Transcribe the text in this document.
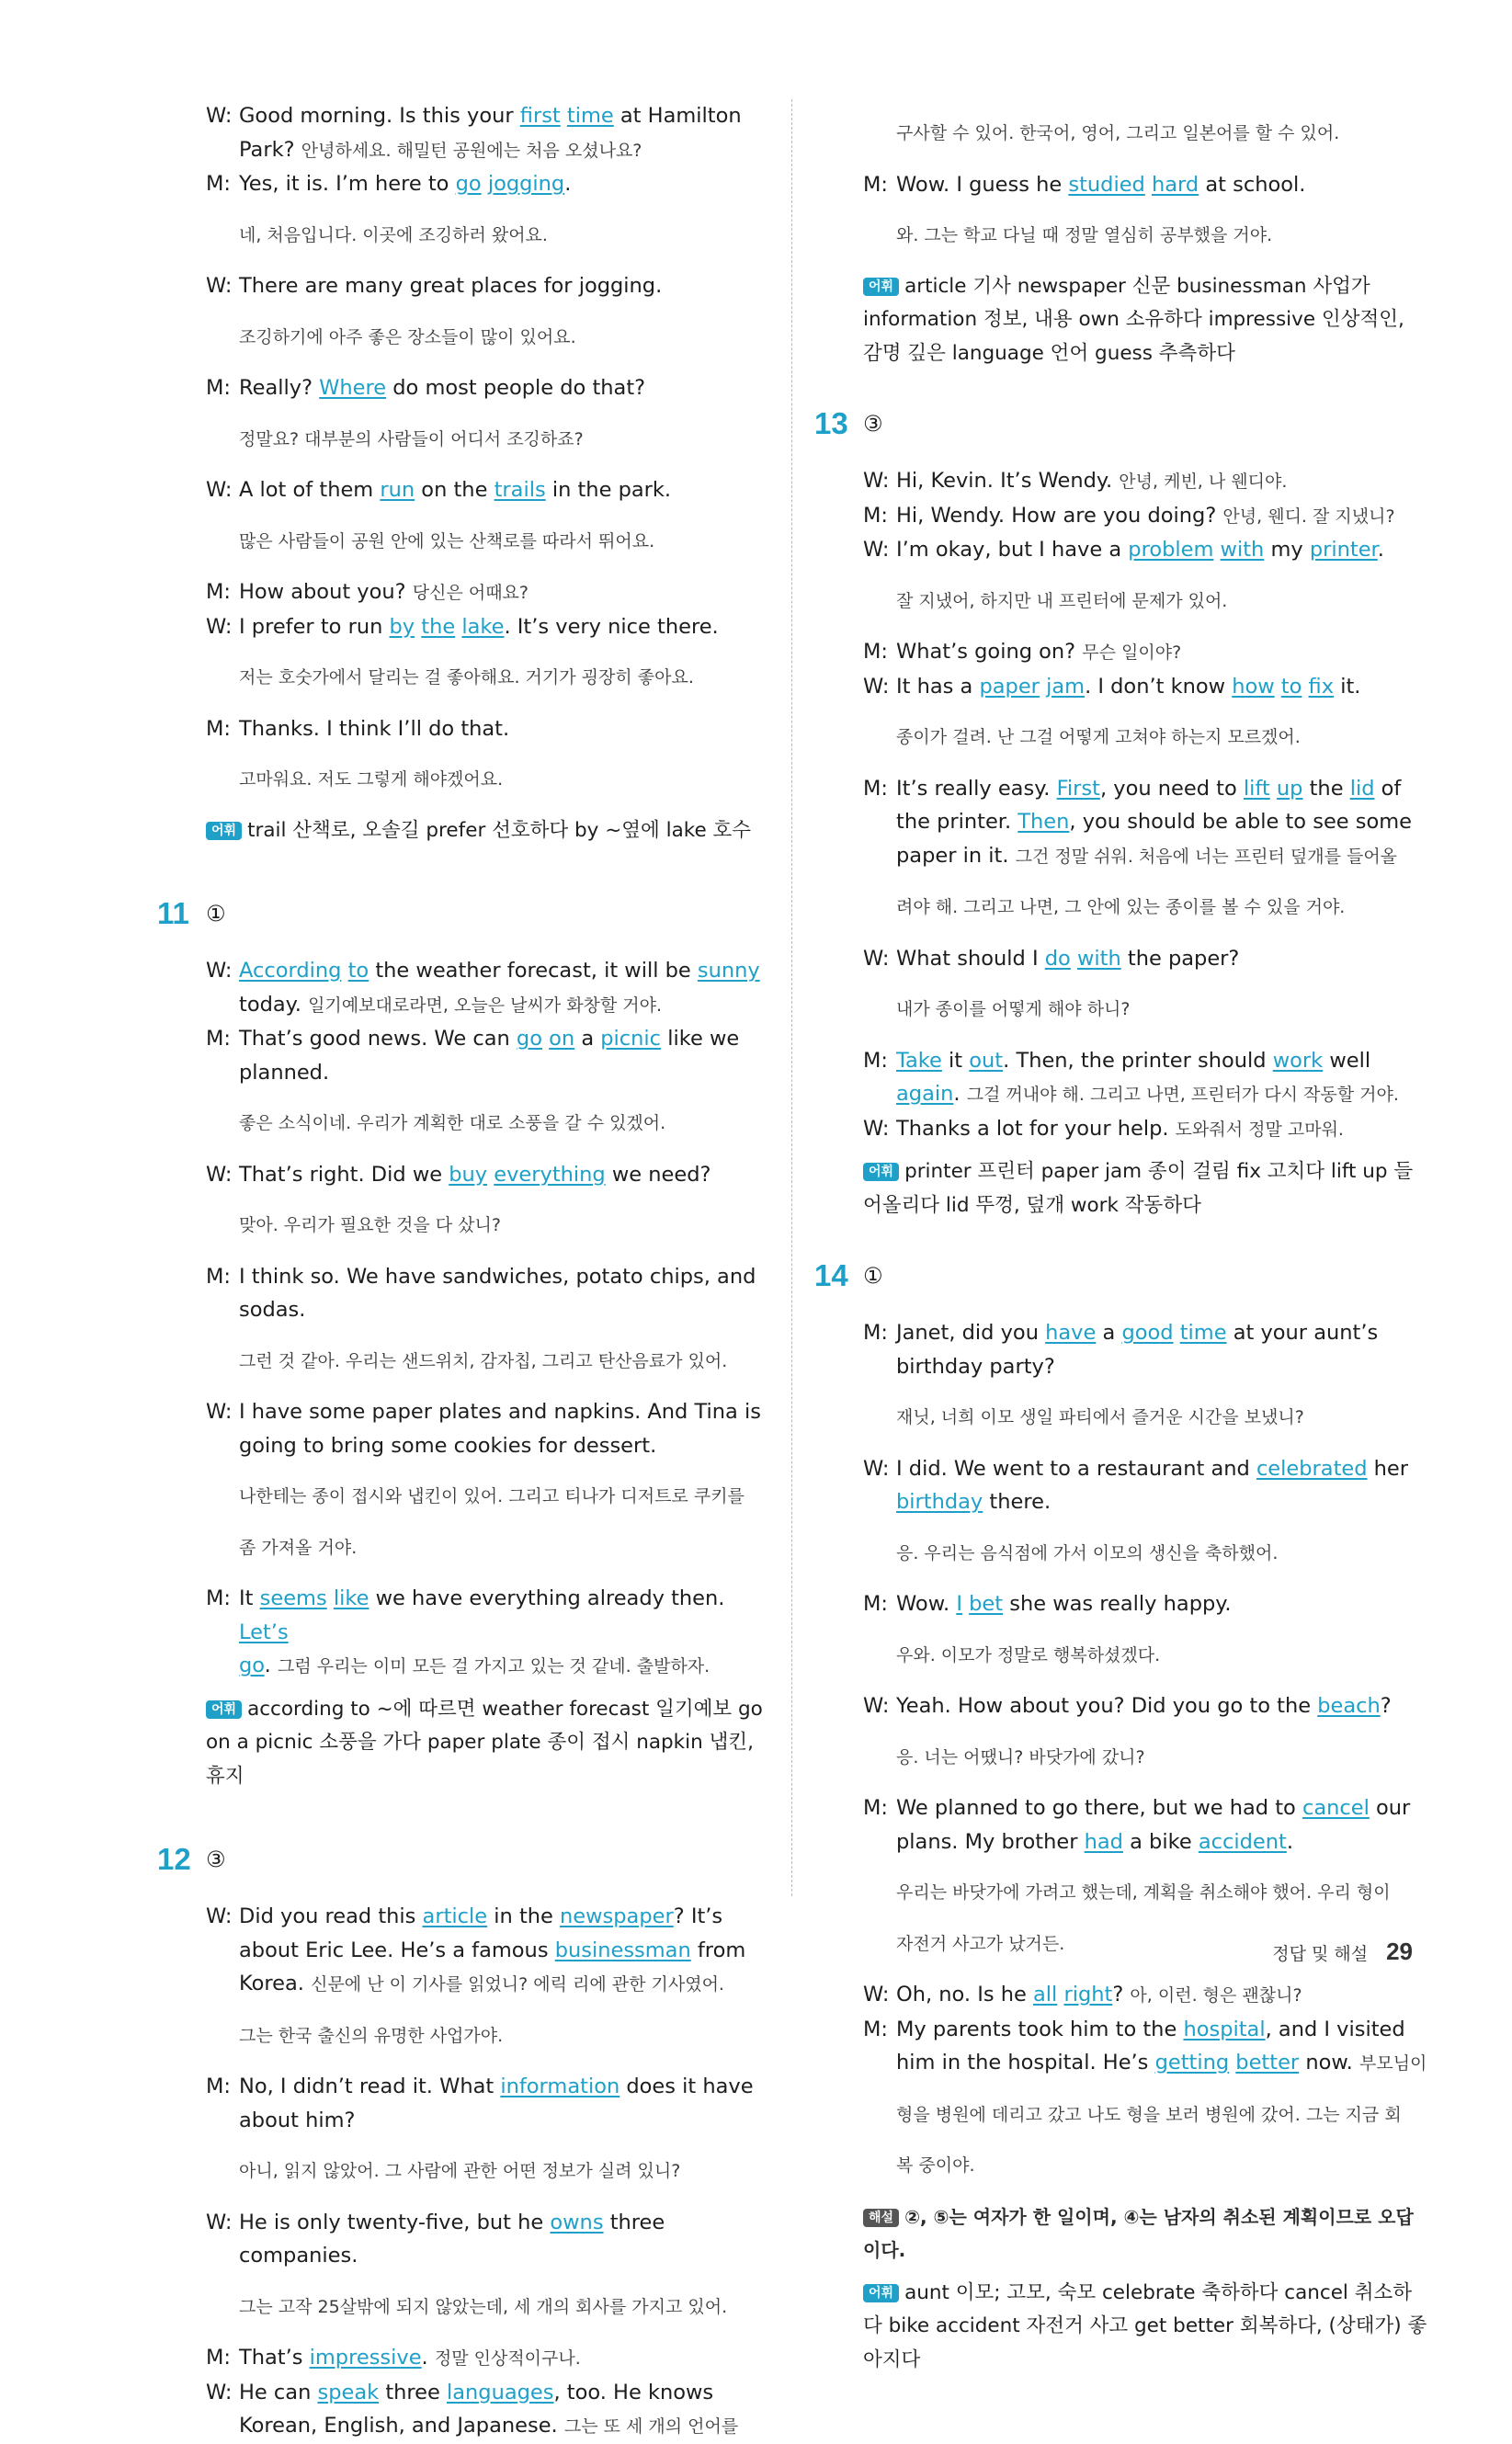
W: Good morning. Is this your first time at Hamilton

Park? 안녕하세요. 해밀턴 공원에는 처음 오셨나요?

M: Yes, it is. I’m here to go jogging.

네, 처음입니다. 이곳에 조깅하러 왔어요.

W: There are many great places for jogging.

조깅하기에 아주 좋은 장소들이 많이 있어요.

M: Really? Where do most people do that?

정말요? 대부분의 사람들이 어디서 조깅하죠?

W: A lot of them run on the trails in the park.

많은 사람들이 공원 안에 있는 산책로를 따라서 뛰어요.

M: How about you? 당신은 어때요?

W: I prefer to run by the lake. It’s very nice there.

저는 호숫가에서 달리는 걸 좋아해요. 거기가 굉장히 좋아요.

M: Thanks. I think I’ll do that.

고마워요. 저도 그렇게 해야겠어요.

어휘 trail 산책로, 오솔길 prefer 선호하다 by ~옆에 lake 호수

11 ①

W: According to the weather forecast, it will be sunny

today. 일기예보대로라면, 오늘은 날씨가 화창할 거야.

M: That’s good news. We can go on a picnic like we

planned.

좋은 소식이네. 우리가 계획한 대로 소풍을 갈 수 있겠어.

W: That’s right. Did we buy everything we need?

맞아. 우리가 필요한 것을 다 샀니?

M: I think so. We have sandwiches, potato chips, and

sodas.

그런 것 같아. 우리는 샌드위치, 감자칩, 그리고 탄산음료가 있어.

W: I have some paper plates and napkins. And Tina is

going to bring some cookies for dessert.

나한테는 종이 접시와 냅킨이 있어. 그리고 티나가 디저트로 쿠키를

좀 가져올 거야.

M: It seems like we have everything already then. Let’s

go. 그럼 우리는 이미 모든 걸 가지고 있는 것 같네. 출발하자.

어휘 according to ~에 따르면 weather forecast 일기예보 go on a picnic 소풍을 가다 paper plate 종이 접시 napkin 냅킨, 휴지

12 ③

W: Did you read this article in the newspaper? It’s

about Eric Lee. He’s a famous businessman from

Korea. 신문에 난 이 기사를 읽었니? 에릭 리에 관한 기사였어.

그는 한국 출신의 유명한 사업가야.

M: No, I didn’t read it. What information does it have

about him?

아니, 읽지 않았어. 그 사람에 관한 어떤 정보가 실려 있니?

W: He is only twenty-five, but he owns three

companies.

그는 고작 25살밖에 되지 않았는데, 세 개의 회사를 가지고 있어.

M: That’s impressive. 정말 인상적이구나.

W: He can speak three languages, too. He knows

Korean, English, and Japanese. 그는 또 세 개의 언어를

구사할 수 있어. 한국어, 영어, 그리고 일본어를 할 수 있어.

M: Wow. I guess he studied hard at school.

와. 그는 학교 다닐 때 정말 열심히 공부했을 거야.

어휘 article 기사 newspaper 신문 businessman 사업가 information 정보, 내용 own 소유하다 impressive 인상적인, 감명 깊은 language 언어 guess 추측하다

13 ③

W: Hi, Kevin. It’s Wendy. 안녕, 케빈, 나 웬디야.

M: Hi, Wendy. How are you doing? 안녕, 웬디. 잘 지냈니?

W: I’m okay, but I have a problem with my printer.

잘 지냈어, 하지만 내 프린터에 문제가 있어.

M: What’s going on? 무슨 일이야?

W: It has a paper jam. I don’t know how to fix it.

종이가 걸려. 난 그걸 어떻게 고쳐야 하는지 모르겠어.

M: It’s really easy. First, you need to lift up the lid of

the printer. Then, you should be able to see some

paper in it. 그건 정말 쉬워. 처음에 너는 프린터 덮개를 들어올

려야 해. 그리고 나면, 그 안에 있는 종이를 볼 수 있을 거야.

W: What should I do with the paper?

내가 종이를 어떻게 해야 하니?

M: Take it out. Then, the printer should work well

again. 그걸 꺼내야 해. 그리고 나면, 프린터가 다시 작동할 거야.

W: Thanks a lot for your help. 도와줘서 정말 고마워.

어휘 printer 프린터 paper jam 종이 걸림 fix 고치다 lift up 들어올리다 lid 뚜껑, 덮개 work 작동하다

14 ①

M: Janet, did you have a good time at your aunt’s

birthday party?

재닛, 너희 이모 생일 파티에서 즐거운 시간을 보냈니?

W: I did. We went to a restaurant and celebrated her

birthday there.

응. 우리는 음식점에 가서 이모의 생신을 축하했어.

M: Wow. I bet she was really happy.

우와. 이모가 정말로 행복하셨겠다.

W: Yeah. How about you? Did you go to the beach?

응. 너는 어땠니? 바닷가에 갔니?

M: We planned to go there, but we had to cancel our

plans. My brother had a bike accident.

우리는 바닷가에 가려고 했는데, 계획을 취소해야 했어. 우리 형이

자전거 사고가 났거든.

W: Oh, no. Is he all right? 아, 이런. 형은 괜찮니?

M: My parents took him to the hospital, and I visited

him in the hospital. He’s getting better now. 부모님이

형을 병원에 데리고 갔고 나도 형을 보러 병원에 갔어. 그는 지금 회

복 중이야.

해설 ②, ⑤는 여자가 한 일이며, ④는 남자의 취소된 계획이므로 오답이다.

어휘 aunt 이모; 고모, 숙모 celebrate 축하하다 cancel 취소하다 bike accident 자전거 사고 get better 회복하다, (상태가) 좋아지다

정답 및 해설 29
